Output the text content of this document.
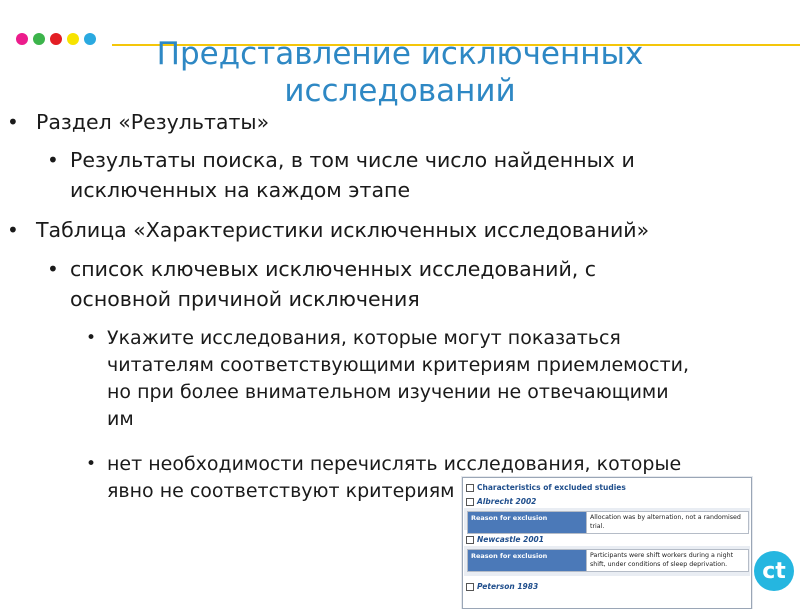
Представление исключенных
исследований
• Раздел «Результаты»
• Результаты поиска, в том числе число найденных и
исключенных на каждом этапе
• Таблица «Характеристики исключенных исследований»
• список ключевых исключенных исследований, с
основной причиной исключения
• Укажите исследования, которые могут показаться
читателям соответствующими критериям приемлемости,
но при более внимательном изучении не отвечающими
им
• нет необходимости перечислять исследования, которые
явно не соответствуют критериям	Characteristics of excluded studies
Albrecht 2002
Reason for exclusion	Allocation was by alternation, not a randomised trial.
Newcastle 2001
Reason for exclusion	Participants were shift workers during a night shift, under conditions of sleep deprivation.
Peterson 1983
ct
